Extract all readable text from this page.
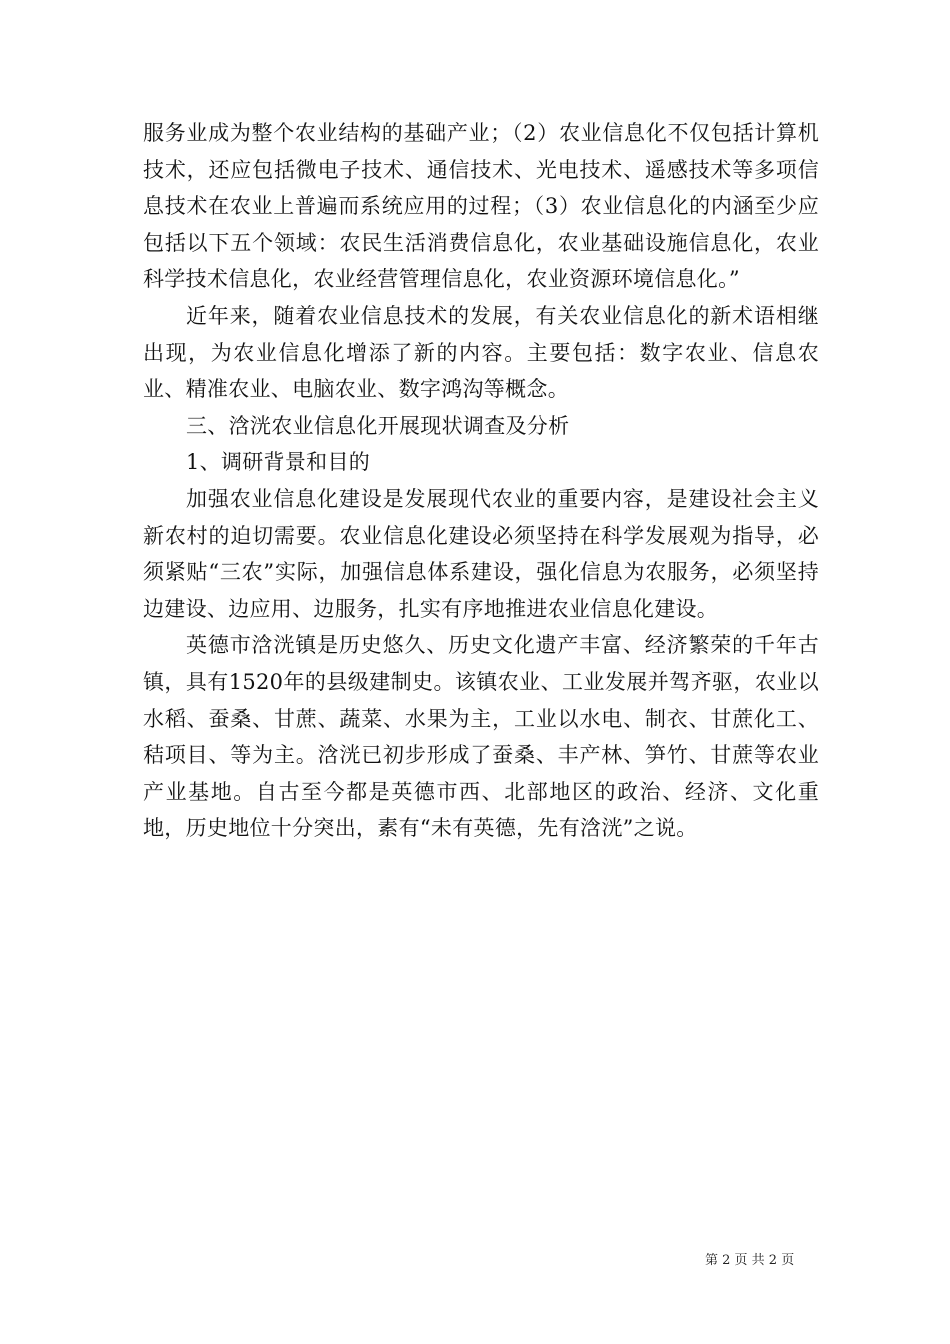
服务业成为整个农业结构的基础产业；（2）农业信息化不仅包括计算机技术，还应包括微电子技术、通信技术、光电技术、遥感技术等多项信息技术在农业上普遍而系统应用的过程；（3）农业信息化的内涵至少应包括以下五个领域：农民生活消费信息化，农业基础设施信息化，农业科学技术信息化，农业经营管理信息化，农业资源环境信息化。”

近年来，随着农业信息技术的发展，有关农业信息化的新术语相继出现，为农业信息化增添了新的内容。主要包括：数字农业、信息农业、精准农业、电脑农业、数字鸿沟等概念。

三、浛洸农业信息化开展现状调查及分析

1、调研背景和目的

加强农业信息化建设是发展现代农业的重要内容，是建设社会主义新农村的迫切需要。农业信息化建设必须坚持在科学发展观为指导，必须紧贴“三农”实际，加强信息体系建设，强化信息为农服务，必须坚持边建设、边应用、边服务，扎实有序地推进农业信息化建设。

英德市浛洸镇是历史悠久、历史文化遗产丰富、经济繁荣的千年古镇，具有1520年的县级建制史。该镇农业、工业发展并驾齐驱，农业以水稻、蚕桑、甘蔗、蔬菜、水果为主，工业以水电、制衣、甘蔗化工、秸项目、等为主。浛洸已初步形成了蚕桑、丰产林、笋竹、甘蔗等农业产业基地。自古至今都是英德市西、北部地区的政治、经济、文化重地，历史地位十分突出，素有“未有英德，先有浛洸”之说。

第 2 页 共 2 页
